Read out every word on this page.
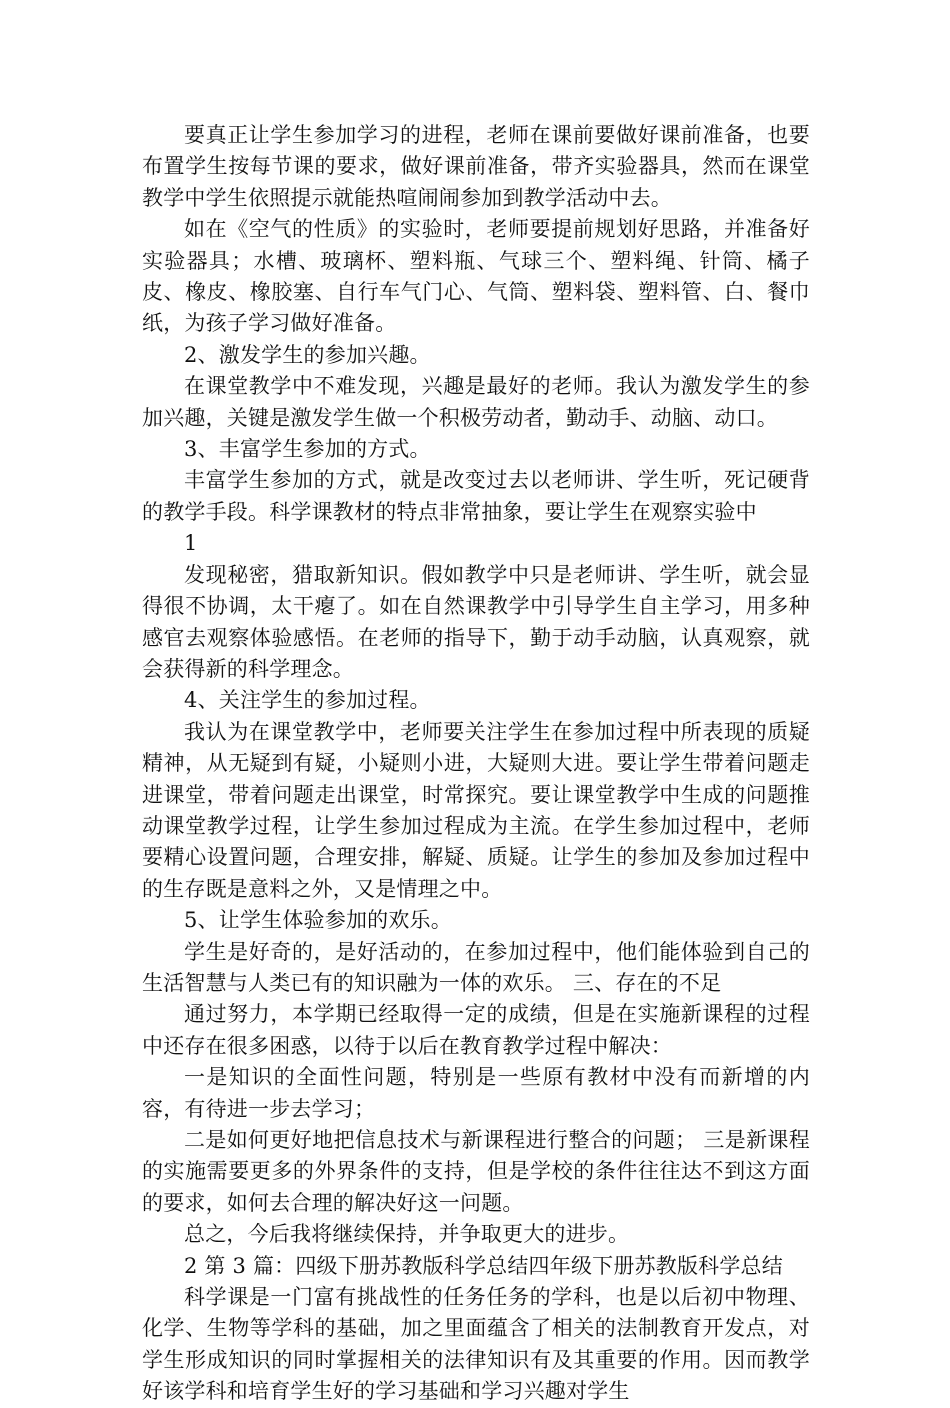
要真正让学生参加学习的进程，老师在课前要做好课前准备，也要布置学生按每节课的要求，做好课前准备，带齐实验器具，然而在课堂教学中学生依照提示就能热喧闹闹参加到教学活动中去。

如在《空气的性质》的实验时，老师要提前规划好思路，并准备好实验器具；水槽、玻璃杯、塑料瓶、气球三个、塑料绳、针筒、橘子皮、橡皮、橡胶塞、自行车气门心、气筒、塑料袋、塑料管、白、餐巾纸，为孩子学习做好准备。

2、激发学生的参加兴趣。

在课堂教学中不难发现，兴趣是最好的老师。我认为激发学生的参加兴趣，关键是激发学生做一个积极劳动者，勤动手、动脑、动口。

3、丰富学生参加的方式。

丰富学生参加的方式，就是改变过去以老师讲、学生听，死记硬背的教学手段。科学课教材的特点非常抽象，要让学生在观察实验中

1

发现秘密，猎取新知识。假如教学中只是老师讲、学生听，就会显得很不协调，太干瘪了。如在自然课教学中引导学生自主学习，用多种感官去观察体验感悟。在老师的指导下，勤于动手动脑，认真观察，就会获得新的科学理念。

4、关注学生的参加过程。

我认为在课堂教学中，老师要关注学生在参加过程中所表现的质疑精神，从无疑到有疑，小疑则小进，大疑则大进。要让学生带着问题走进课堂，带着问题走出课堂，时常探究。要让课堂教学中生成的问题推动课堂教学过程，让学生参加过程成为主流。在学生参加过程中，老师要精心设置问题，合理安排，解疑、质疑。让学生的参加及参加过程中的生存既是意料之外，又是情理之中。

5、让学生体验参加的欢乐。

学生是好奇的，是好活动的，在参加过程中，他们能体验到自己的生活智慧与人类已有的知识融为一体的欢乐。 三、存在的不足

通过努力，本学期已经取得一定的成绩，但是在实施新课程的过程中还存在很多困惑，以待于以后在教育教学过程中解决：

一是知识的全面性问题，特别是一些原有教材中没有而新增的内容，有待进一步去学习；

二是如何更好地把信息技术与新课程进行整合的问题； 三是新课程的实施需要更多的外界条件的支持，但是学校的条件往往达不到这方面的要求，如何去合理的解决好这一问题。

总之，今后我将继续保持，并争取更大的进步。

2 第 3 篇：四级下册苏教版科学总结四年级下册苏教版科学总结

科学课是一门富有挑战性的任务任务的学科，也是以后初中物理、化学、生物等学科的基础，加之里面蕴含了相关的法制教育开发点，对学生形成知识的同时掌握相关的法律知识有及其重要的作用。因而教学好该学科和培育学生好的学习基础和学习兴趣对学生
